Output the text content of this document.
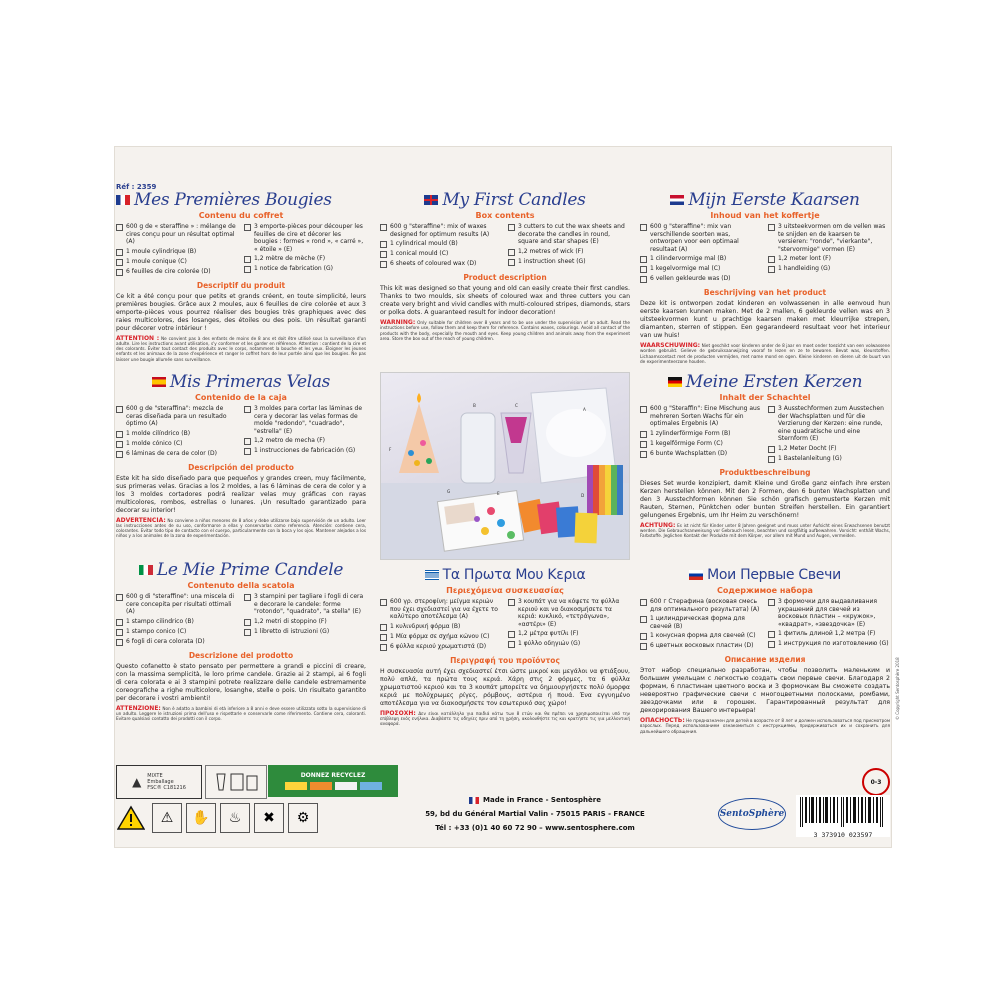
Réf : 2359
Mes Premières Bougies
Contenu du coffret
600 g de « steraffine » : mélange de cires conçu pour un résultat optimal (A)
1 moule cylindrique (B)
1 moule conique (C)
6 feuilles de cire colorée (D)
3 emporte-pièces pour découper les feuilles de cire et décorer les bougies : formes « rond », « carré », « étoile » (E)
1,2 mètre de mèche (F)
1 notice de fabrication (G)
Descriptif du produit
Ce kit a été conçu pour que petits et grands créent, en toute simplicité, leurs premières bougies. Grâce aux 2 moules, aux 6 feuilles de cire colorée et aux 3 emporte-pièces vous pourrez réaliser des bougies très graphiques avec des raies multicolores, des losanges, des étoiles ou des pois. Un résultat garanti pour décorer votre intérieur !
ATTENTION : Ne convient pas à des enfants de moins de 8 ans et doit être utilisé sous la surveillance d'un adulte. Lire les instructions avant utilisation, s'y conformer et les garder en référence. Attention : contient de la cire et des colorants. Éviter tout contact des produits avec le corps, notamment la bouche et les yeux. Éloigner les jeunes enfants et les animaux de la zone d'expérience et ranger le coffret hors de leur portée ainsi que les bougies. Ne pas laisser une bougie allumée sans surveillance.
My First Candles
Box contents
600 g "steraffine": mix of waxes designed for optimum results (A)
1 cylindrical mould (B)
1 conical mould (C)
6 sheets of coloured wax (D)
3 cutters to cut the wax sheets and decorate the candles in round, square and star shapes (E)
1,2 metres of wick (F)
1 instruction sheet (G)
Product description
This kit was designed so that young and old can easily create their first candles. Thanks to two moulds, six sheets of coloured wax and three cutters you can create very bright and vivid candles with multi-coloured stripes, diamonds, stars or polka dots. A guaranteed result for indoor decoration!
WARNING: Only suitable for children over 8 years and to be use under the supervision of an adult. Read the instructions before use, follow them and keep them for reference. Contains waxes, colourings. Avoid all contact of the products with the body, especially the mouth and eyes. Keep young children and animals away from the experiment area. Store the box out of the reach of young children.
Mijn Eerste Kaarsen
Inhoud van het koffertje
600 g "steraffine": mix van verschillende soorten was, ontworpen voor een optimaal resultaat (A)
1 cilindervormige mal (B)
1 kegelvormige mal (C)
6 vellen gekleurde was (D)
3 uitsteekvormen om de vellen was te snijden en de kaarsen te versieren: "ronde", "vierkante", "stervormige" vormen (E)
1,2 meter lont (F)
1 handleiding (G)
Beschrijving van het product
Deze kit is ontworpen zodat kinderen en volwassenen in alle eenvoud hun eerste kaarsen kunnen maken. Met de 2 mallen, 6 gekleurde vellen was en 3 uitsteekvormen kunt u prachtige kaarsen maken met kleurrijke strepen, diamanten, sterren of stippen. Een gegarandeerd resultaat voor het interieur van uw huis!
WAARSCHUWING: Niet geschikt voor kinderen onder de 8 jaar en moet onder toezicht van een volwassene worden gebruikt. Gelieve de gebruiksaanwijzing vooraf te lezen en ze te bewaren. Bevat was, kleurstoffen. Lichaamscontact met de producten vermijden, met name mond en ogen. Kleine kinderen en dieren uit de buurt van de experimenteerzone houden.
Mis Primeras Velas
Contenido de la caja
600 g de "steraffina": mezcla de ceras diseñada para un resultado óptimo (A)
1 molde cilíndrico (B)
1 molde cónico (C)
6 láminas de cera de color (D)
3 moldes para cortar las láminas de cera y decorar las velas formas de molde "redondo", "cuadrado", "estrella" (E)
1,2 metro de mecha (F)
1 instrucciones de fabricación (G)
Descripción del producto
Este kit ha sido diseñado para que pequeños y grandes creen, muy fácilmente, sus primeras velas. Gracias a los 2 moldes, a las 6 láminas de cera de color y a los 3 moldes cortadores podrá realizar velas muy gráficas con rayas multicolores, rombos, estrellas o lunares. ¡Un resultado garantizado para decorar su interior!
ADVERTENCIA: No conviene a niños menores de 8 años y debe utilizarse bajo supervisión de un adulto. Leer las instrucciones antes de su uso, conformarse a ellas y conservarlas como referencia. Atención: contiene cera, colorantes. Evitar todo tipo de contacto con el cuerpo, particularmente con la boca y los ojos. Mantener alejados a los niños y a los animales de la zona de experimentación.
A
B	C
D
E
F
G
Meine Ersten Kerzen
Inhalt der Schachtel
600 g "Steraffin": Eine Mischung aus mehreren Sorten Wachs für ein optimales Ergebnis (A)
1 zylinderförmige Form (B)
1 kegelförmige Form (C)
6 bunte Wachsplatten (D)
3 Ausstechformen zum Ausstechen der Wachsplatten und für die Verzierung der Kerzen: eine runde, eine quadratische und eine Sternform (E)
1,2 Meter Docht (F)
1 Bastelanleitung (G)
Produktbeschreibung
Dieses Set wurde konzipiert, damit Kleine und Große ganz einfach ihre ersten Kerzen herstellen können. Mit den 2 Formen, den 6 bunten Wachsplatten und den 3 Ausstechformen können Sie schön grafisch gemusterte Kerzen mit Rauten, Sternen, Pünktchen oder bunten Streifen herstellen. Ein garantiert gelungenes Ergebnis, um Ihr Heim zu verschönern!
ACHTUNG: Es ist nicht für Kinder unter 8 Jahren geeignet und muss unter Aufsicht eines Erwachsenen benutzt werden. Die Gebrauchsanweisung vor Gebrauch lesen, beachten und sorgfältig aufbewahren. Vorsicht: enthält Wachs, Farbstoffe. Jeglichen Kontakt der Produkte mit dem Körper, vor allem mit Mund und Augen, vermeiden.
Le Mie Prime Candele
Contenuto della scatola
600 g di "steraffine": una miscela di cere concepita per risultati ottimali (A)
1 stampo cilindrico (B)
1 stampo conico (C)
6 fogli di cera colorata (D)
3 stampini per tagliare i fogli di cera e decorare le candele: forme "rotondo", "quadrato", "a stella" (E)
1,2 metri di stoppino (F)
1 libretto di istruzioni (G)
Descrizione del prodotto
Questo cofanetto è stato pensato per permettere a grandi e piccini di creare, con la massima semplicità, le loro prime candele. Grazie ai 2 stampi, ai 6 fogli di cera colorata e ai 3 stampini potrete realizzare delle candele estremamente coreografiche a righe multicolore, losanghe, stelle o pois. Un risultato garantito per decorare i vostri ambienti!
ATTENZIONE: Non è adatto a bambini di età inferiore a 8 anni e deve essere utilizzato sotto la supervisione di un adulto. Leggere le istruzioni prima dell'uso e rispettarle e conservarle come riferimento. Contiene cera, coloranti. Evitare qualsiasi contatto dei prodotti con il corpo.
Τα Πρωτα Μου Κερια
Περιεχόμενα συσκευασίας
600 γρ. στεροφίνη: μείγμα κεριών που έχει σχεδιαστεί για να έχετε το καλύτερο αποτέλεσμα (A)
1 κυλινδρική φόρμα (B)
1 Μία φόρμα σε σχήμα κώνου (C)
6 φύλλα κεριού χρωματιστά (D)
3 κουπάτ για να κόψετε τα φύλλα κεριού και να διακοσμήσετε τα κεριά: κυκλικό, «τετράγωνα», «αστέρι» (E)
1,2 μέτρα φυτίλι (F)
1 φύλλο οδηγιών (G)
Περιγραφή του προϊόντος
Η συσκευασία αυτή έχει σχεδιαστεί έτσι ώστε μικροί και μεγάλοι να φτιάξουν, πολύ απλά, τα πρώτα τους κεριά. Χάρη στις 2 φόρμες, τα 6 φύλλα χρωματιστού κεριού και τα 3 κουπάτ μπορείτε να δημιουργήσετε πολύ όμορφα κεριά με πολύχρωμες ρίγες, ρόμβους, αστέρια ή πουά. Ένα εγγυημένο αποτέλεσμα για να διακοσμήσετε τον εσωτερικό σας χώρο!
ΠΡΟΣΟΧΗ: Δεν είναι κατάλληλο για παιδιά κάτω των 8 ετών και θα πρέπει να χρησιμοποιείται υπό την επίβλεψη ενός ενήλικα. Διαβάστε τις οδηγίες πριν από τη χρήση, ακολουθήστε τις και κρατήστε τις για μελλοντική αναφορά.
Мои Первые Свечи
Содержимое набора
600 г Стерафина (восковая смесь для оптимального результата) (A)
1 цилиндрическая форма для свечей (B)
1 конусная форма для свечей (C)
6 цветных восковых пластин (D)
3 формочки для выдавливания украшений для свечей из восковых пластин – «кружок», «квадрат», «звездочка» (E)
1 фитиль длиной 1,2 метра (F)
1 инструкция по изготовлению (G)
Описание изделия
Этот набор специально разработан, чтобы позволить маленьким и большим умельцам с легкостью создать свои первые свечи. Благодаря 2 формам, 6 пластинам цветного воска и 3 формочкам Вы сможете создать невероятно графические свечи с многоцветными полосками, ромбами, звездочками или в горошек. Гарантированный результат для декорирования Вашего интерьера!
ОПАСНОСТЬ: Не предназначен для детей в возрасте от 8 лет и должен использоваться под присмотром взрослых. Перед использованием ознакомиться с инструкциями, придерживаться их и сохранить для дальнейшего обращения.
▲ MIXTE
Emballage
FSC® C181216
DONNEZ RECYCLEZ
⚠ ✋ ♨ ✖ ⚙
Made in France - Sentosphère
59, bd du Général Martial Valin - 75015 PARIS - FRANCE
Tél : +33 (0)1 40 60 72 90 – www.sentosphere.com
SentoSphère
0-3
3 373910 023597
© Copyright Sentosphère 2018
